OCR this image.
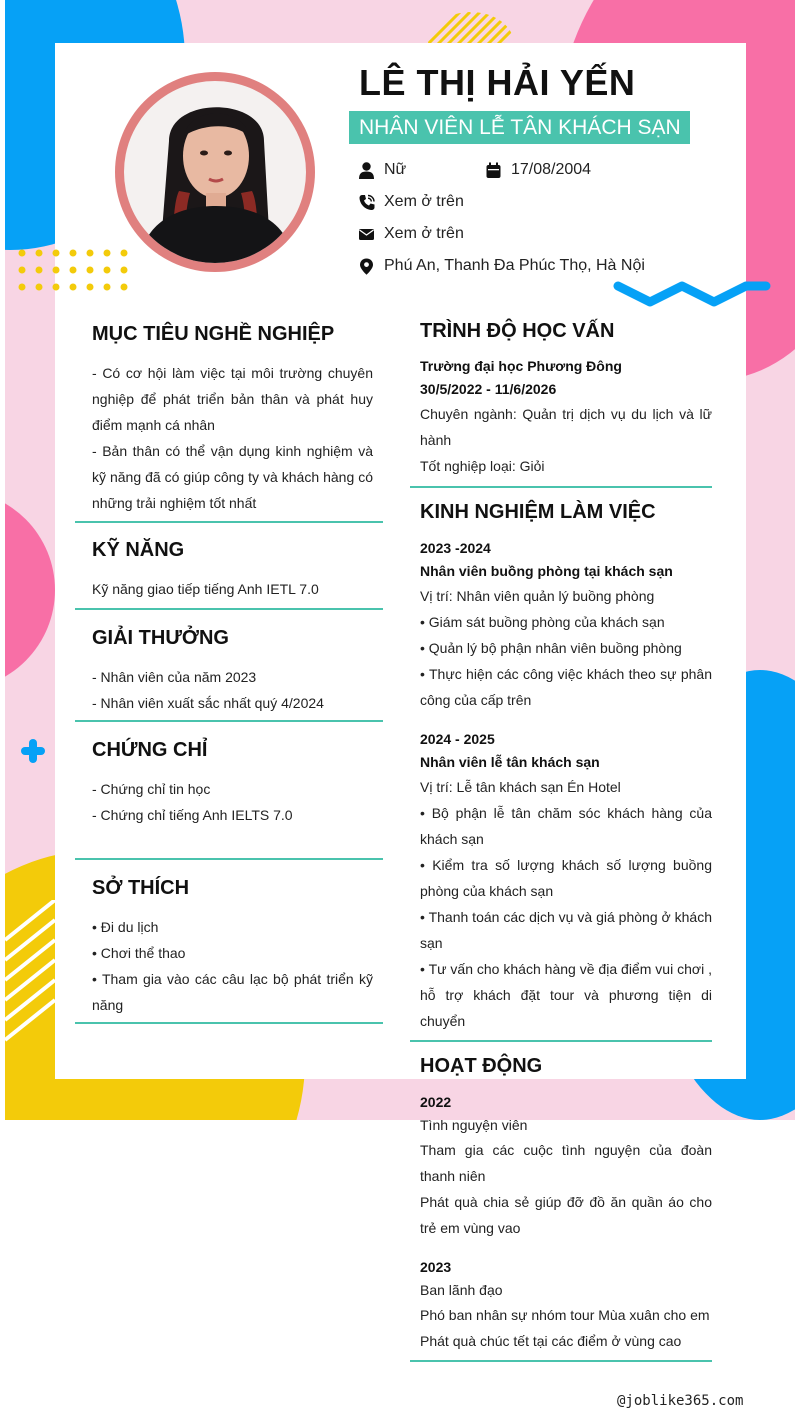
LÊ THỊ HẢI YẾN
NHÂN VIÊN LỄ TÂN KHÁCH SẠN
Nữ	17/08/2004
Xem ở trên
Xem ở trên
Phú An, Thanh Đa Phúc Thọ, Hà Nội
MỤC TIÊU NGHỀ NGHIỆP

- Có cơ hội làm việc tại môi trường chuyên nghiệp để phát triển bản thân và phát huy điểm mạnh cá nhân

- Bản thân có thể vận dụng kinh nghiệm và kỹ năng đã có giúp công ty và khách hàng có những trải nghiệm tốt nhất

KỸ NĂNG

Kỹ năng giao tiếp tiếng Anh IETL 7.0

GIẢI THƯỞNG

- Nhân viên của năm 2023

- Nhân viên xuất sắc nhất quý 4/2024

CHỨNG CHỈ

- Chứng chỉ tin học

- Chứng chỉ tiếng Anh IELTS 7.0

SỞ THÍCH

• Đi du lịch

• Chơi thể thao

• Tham gia vào các câu lạc bộ phát triển kỹ năng

TRÌNH ĐỘ HỌC VẤN

Trường đại học Phương Đông

30/5/2022 - 11/6/2026

Chuyên ngành: Quản trị dịch vụ du lịch và lữ hành

Tốt nghiệp loại: Giỏi

KINH NGHIỆM LÀM VIỆC

2023 -2024

Nhân viên buồng phòng tại khách sạn

Vị trí: Nhân viên quản lý buồng phòng

• Giám sát buồng phòng của khách sạn

• Quản lý bộ phận nhân viên buồng phòng

• Thực hiện các công việc khách theo sự phân công của cấp trên

2024 - 2025

Nhân viên lễ tân khách sạn

Vị trí: Lễ tân khách sạn Én Hotel

• Bộ phận lễ tân chăm sóc khách hàng của khách sạn

• Kiểm tra số lượng khách số lượng buồng phòng của khách sạn

• Thanh toán các dịch vụ và giá phòng ở khách sạn

• Tư vấn cho khách hàng về địa điểm vui chơi , hỗ trợ khách đặt tour và phương tiện di chuyển

HOẠT ĐỘNG

2022

Tình nguyện viên

Tham gia các cuộc tình nguyện của đoàn thanh niên

Phát quà chia sẻ giúp đỡ đồ ăn quần áo cho trẻ em vùng vao

2023

Ban lãnh đạo

Phó ban nhân sự nhóm tour Mùa xuân cho em

Phát quà chúc tết tại các điểm ở vùng cao

@joblike365.com
